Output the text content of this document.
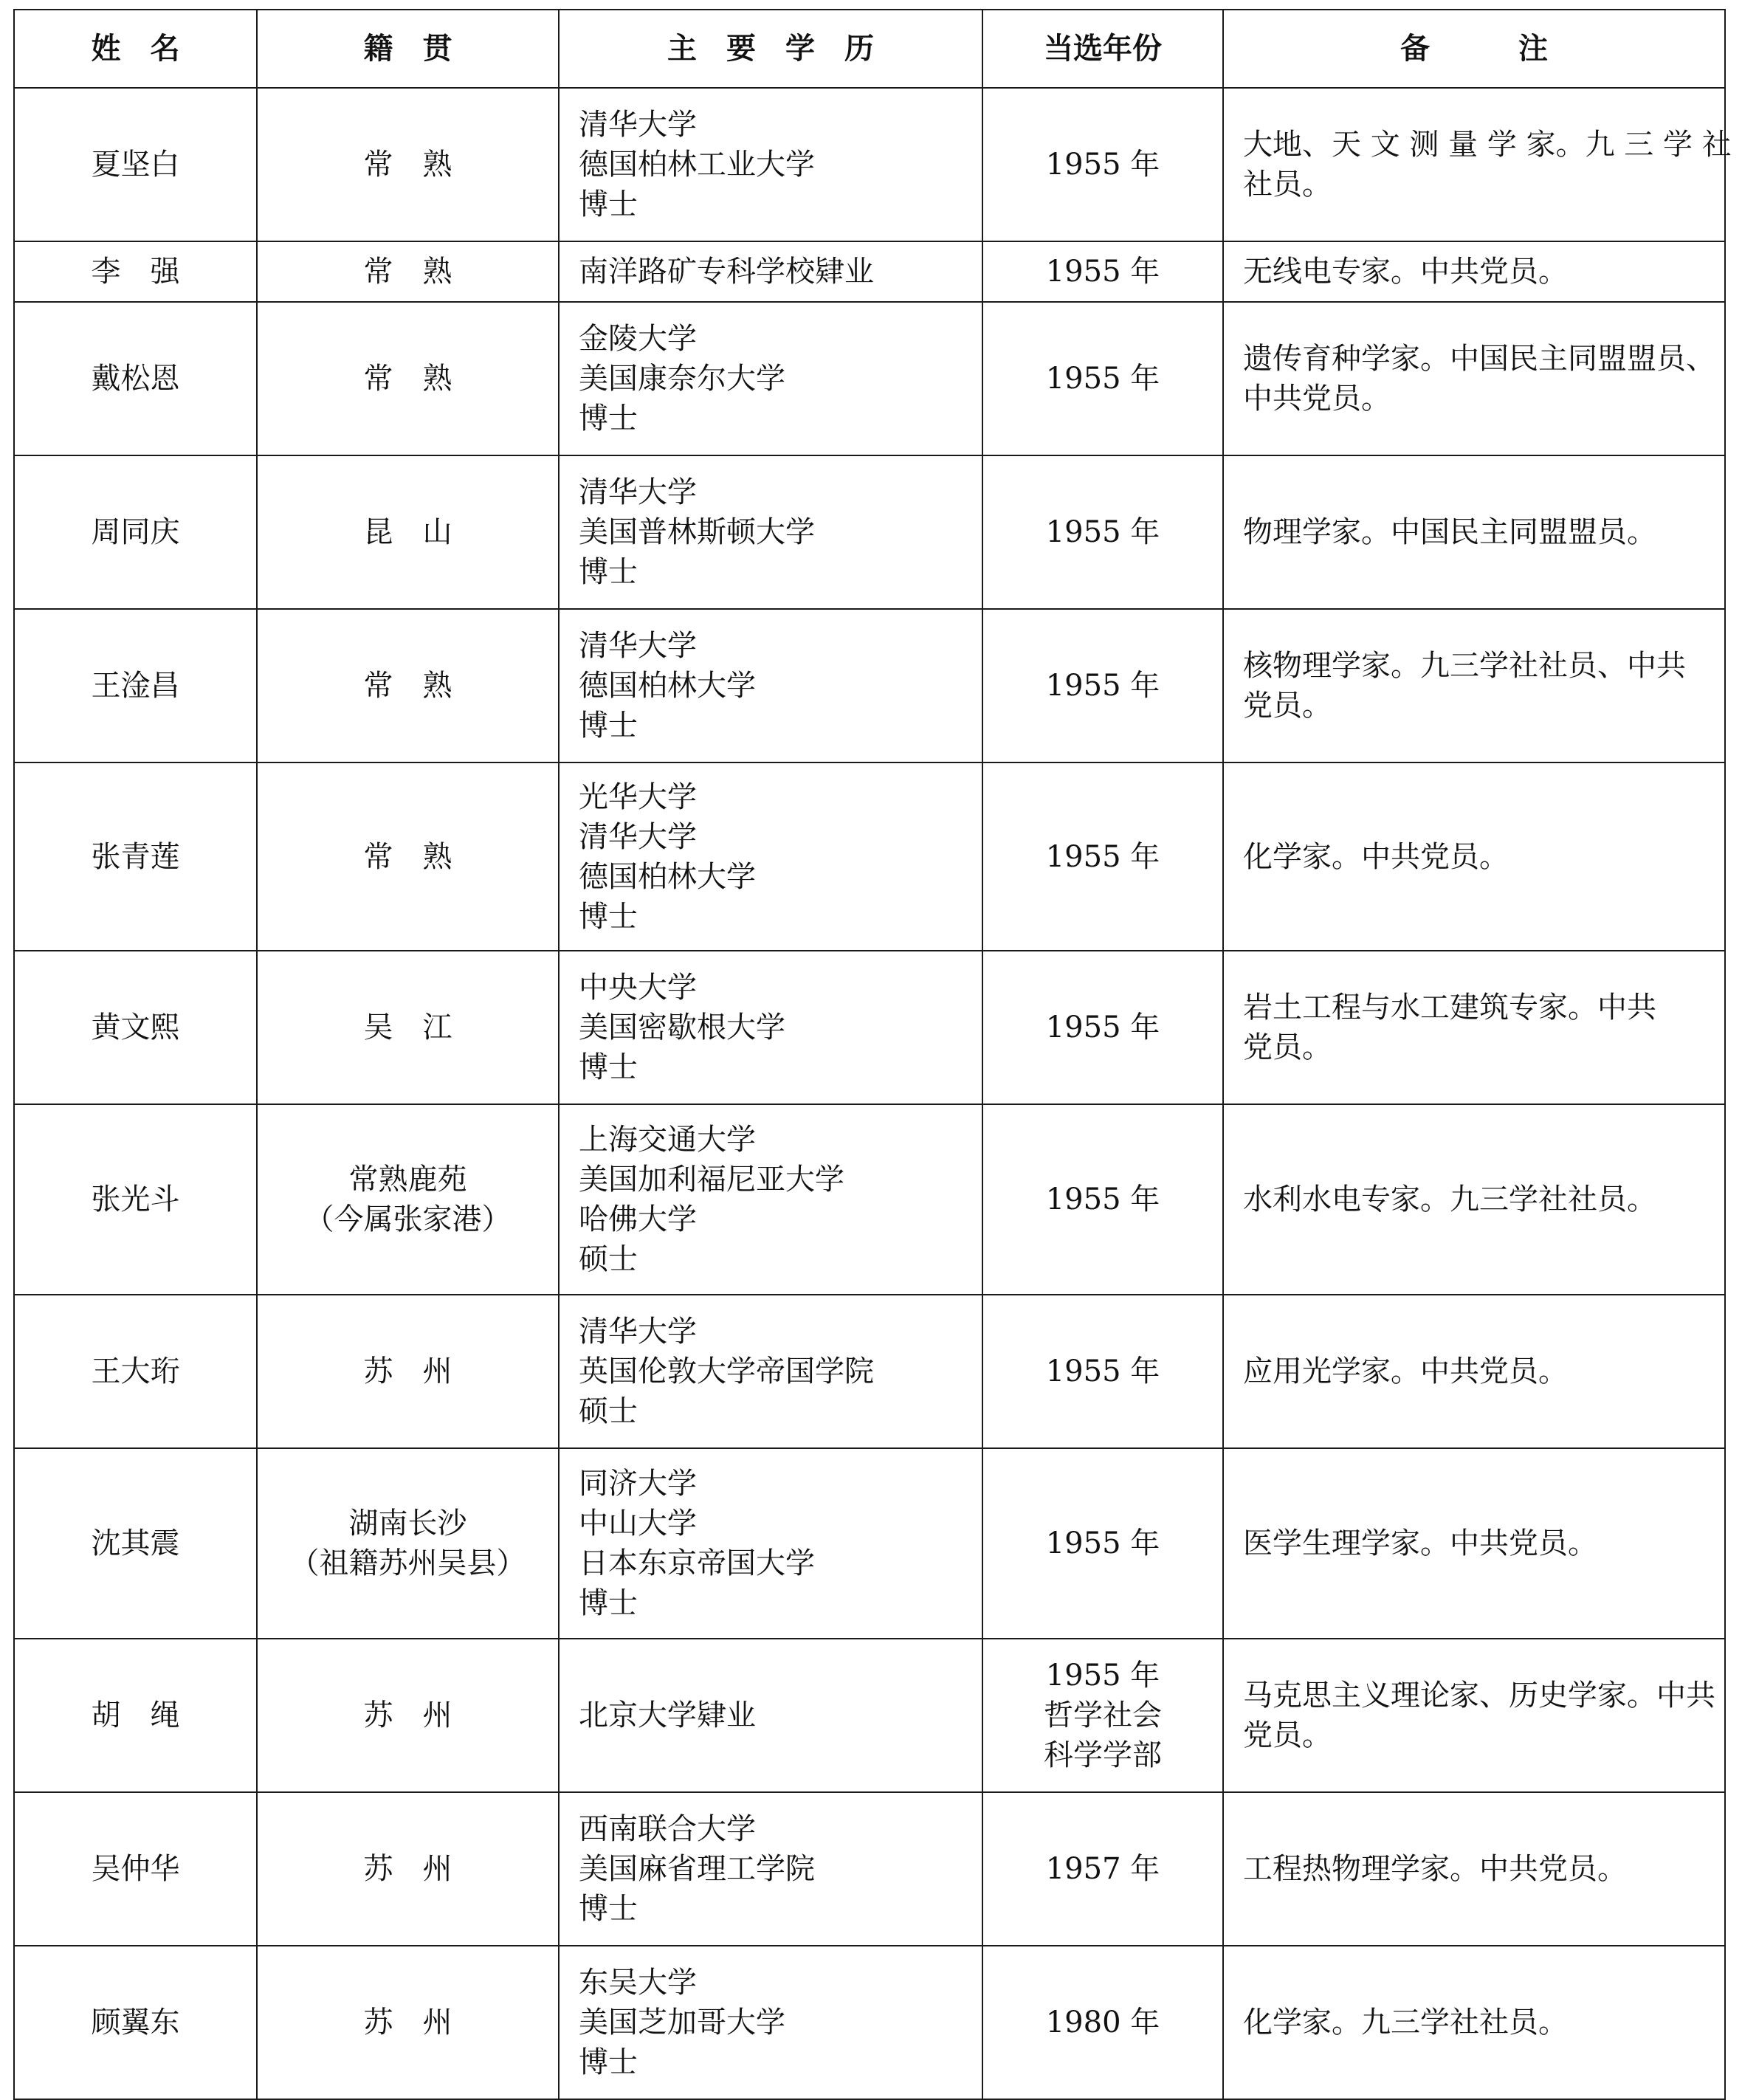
姓　名	籍　贯	主　要　学　历	当选年份	备　　　注
夏坚白	常　熟	清华大学
德国柏林工业大学
博士	1955 年	大地、天 文 测 量 学 家。九 三 学 社
社员。

李　强	常　熟	南洋路矿专科学校肄业	1955 年	无线电专家。中共党员。

戴松恩	常　熟	金陵大学
美国康奈尔大学
博士	1955 年	遗传育种学家。中国民主同盟盟员、
中共党员。

周同庆	昆　山	清华大学
美国普林斯顿大学
博士	1955 年	物理学家。中国民主同盟盟员。

王淦昌	常　熟	清华大学
德国柏林大学
博士	1955 年	核物理学家。九三学社社员、中共
党员。

张青莲	常　熟	光华大学
清华大学
德国柏林大学
博士	1955 年	化学家。中共党员。

黄文熙	吴　江	中央大学
美国密歇根大学
博士	1955 年	岩土工程与水工建筑专家。中共
党员。

张光斗	常熟鹿苑
（今属张家港）	上海交通大学
美国加利福尼亚大学
哈佛大学
硕士	1955 年	水利水电专家。九三学社社员。

王大珩	苏　州	清华大学
英国伦敦大学帝国学院
硕士	1955 年	应用光学家。中共党员。

沈其震	湖南长沙
（祖籍苏州吴县）	同济大学
中山大学
日本东京帝国大学
博士	1955 年	医学生理学家。中共党员。

胡　绳	苏　州	北京大学肄业	1955 年
哲学社会
科学学部	马克思主义理论家、历史学家。中共
党员。

吴仲华	苏　州	西南联合大学
美国麻省理工学院
博士	1957 年	工程热物理学家。中共党员。

顾翼东	苏　州	东吴大学
美国芝加哥大学
博士	1980 年	化学家。九三学社社员。
